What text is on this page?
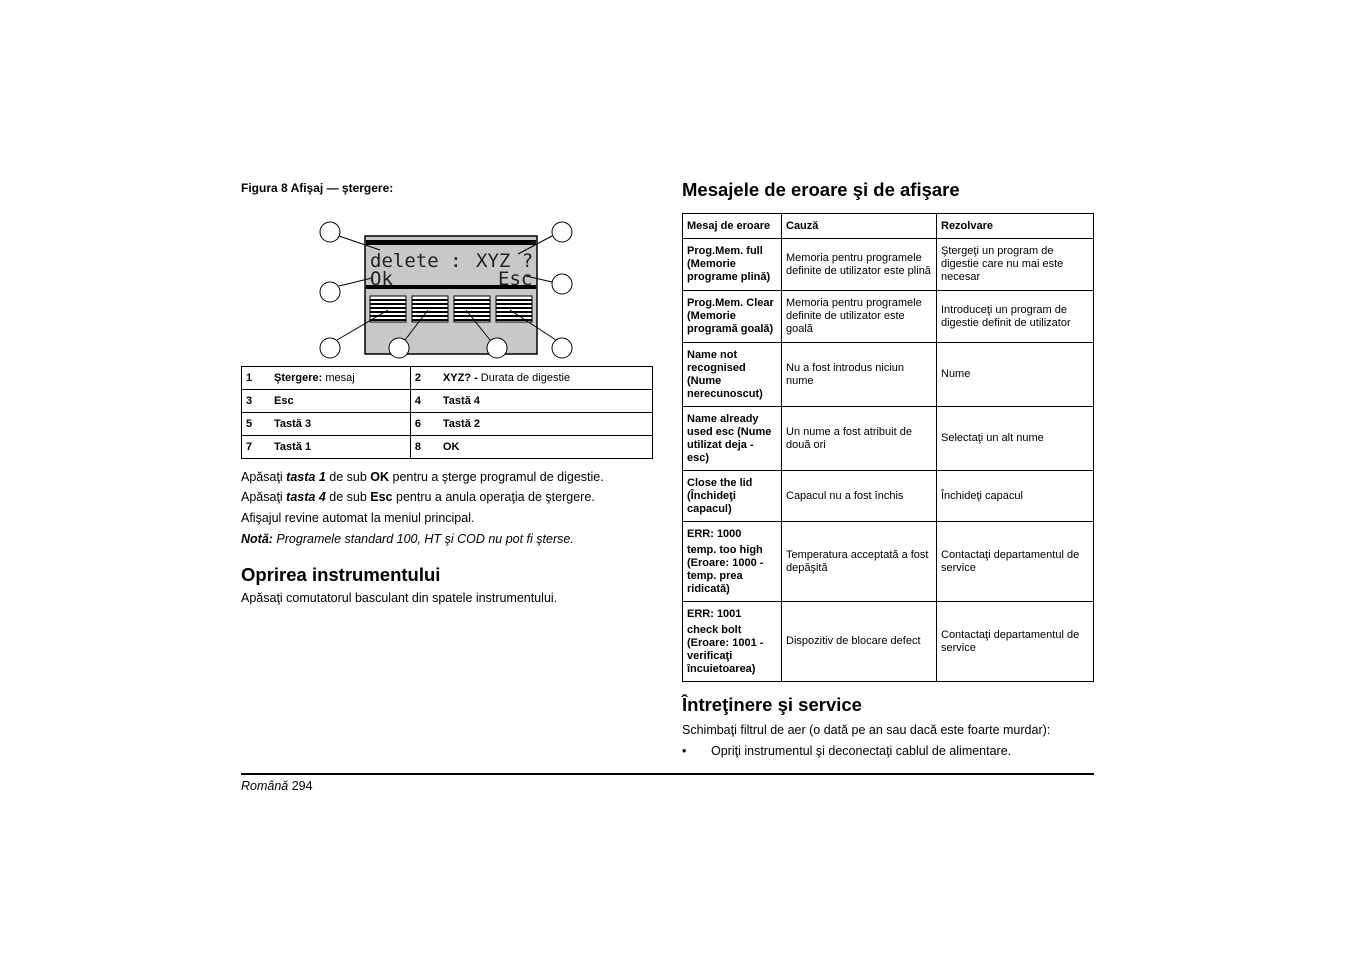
Figura 8 Afişaj — ştergere:
delete : XYZ ?
Ok	Esc
1	Ştergere: mesaj	2	XYZ? - Durata de digestie
3	Esc	4	Tastă 4
5	Tastă 3	6	Tastă 2
7	Tastă 1	8	OK
Apăsaţi tasta 1 de sub OK pentru a şterge programul de digestie.
Apăsaţi tasta 4 de sub Esc pentru a anula operaţia de ştergere.
Afişajul revine automat la meniul principal.
Notă: Programele standard 100, HT şi COD nu pot fi şterse.
Oprirea instrumentului
Apăsaţi comutatorul basculant din spatele instrumentului.
Mesajele de eroare şi de afişare
Mesaj de eroare	Cauză	Rezolvare
Prog.Mem. full (Memorie programe plină)	Memoria pentru programele definite de utilizator este plină	Ştergeţi un program de digestie care nu mai este necesar
Prog.Mem. Clear (Memorie programă goală)	Memoria pentru programele definite de utilizator este goală	Introduceţi un program de digestie definit de utilizator
Name not recognised (Nume nerecunoscut)	Nu a fost introdus niciun nume	Nume
Name already used esc (Nume utilizat deja - esc)	Un nume a fost atribuit de două ori	Selectaţi un alt nume
Close the lid (Închideţi capacul)	Capacul nu a fost închis	Închideţi capacul

ERR: 1000
temp. too high (Eroare: 1000 - temp. prea ridicată)	Temperatura acceptată a fost depăşită	Contactaţi departamentul de service

ERR: 1001
check bolt (Eroare: 1001 - verificaţi încuietoarea)	Dispozitiv de blocare defect	Contactaţi departamentul de service
Întreţinere şi service
Schimbaţi filtrul de aer (o dată pe an sau dacă este foarte murdar):
• Opriţi instrumentul şi deconectaţi cablul de alimentare.
Română 294
